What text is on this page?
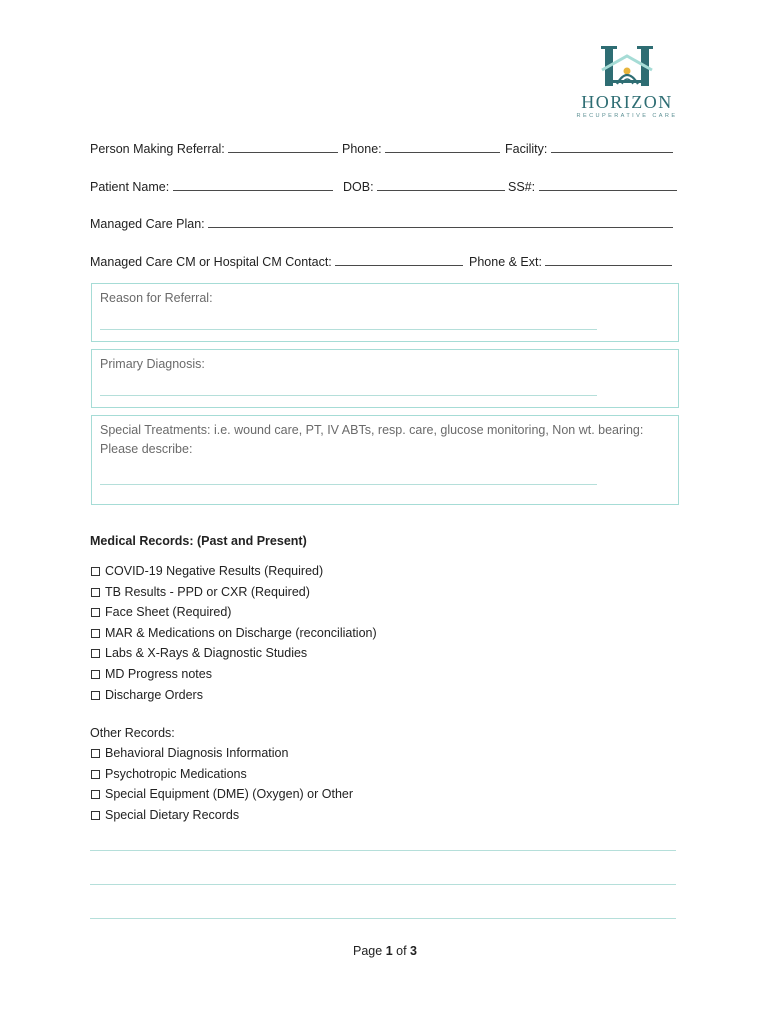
HORIZON
RECUPERATIVE CARE
Person Making Referral:	Phone:	Facility:
Patient Name:	DOB:	SS#:
Managed Care Plan:
Managed Care CM or Hospital CM Contact:	Phone & Ext:
Reason for Referral:
Primary Diagnosis:
Special Treatments: i.e. wound care, PT, IV ABTs, resp. care, glucose monitoring, Non wt. bearing:
Please describe:
Medical Records: (Past and Present)
COVID-19 Negative Results (Required)
TB Results - PPD or CXR (Required)
Face Sheet (Required)
MAR & Medications on Discharge (reconciliation)
Labs & X-Rays & Diagnostic Studies
MD Progress notes
Discharge Orders
Other Records:
Behavioral Diagnosis Information
Psychotropic Medications
Special Equipment (DME) (Oxygen) or Other
Special Dietary Records
Page 1 of 3
